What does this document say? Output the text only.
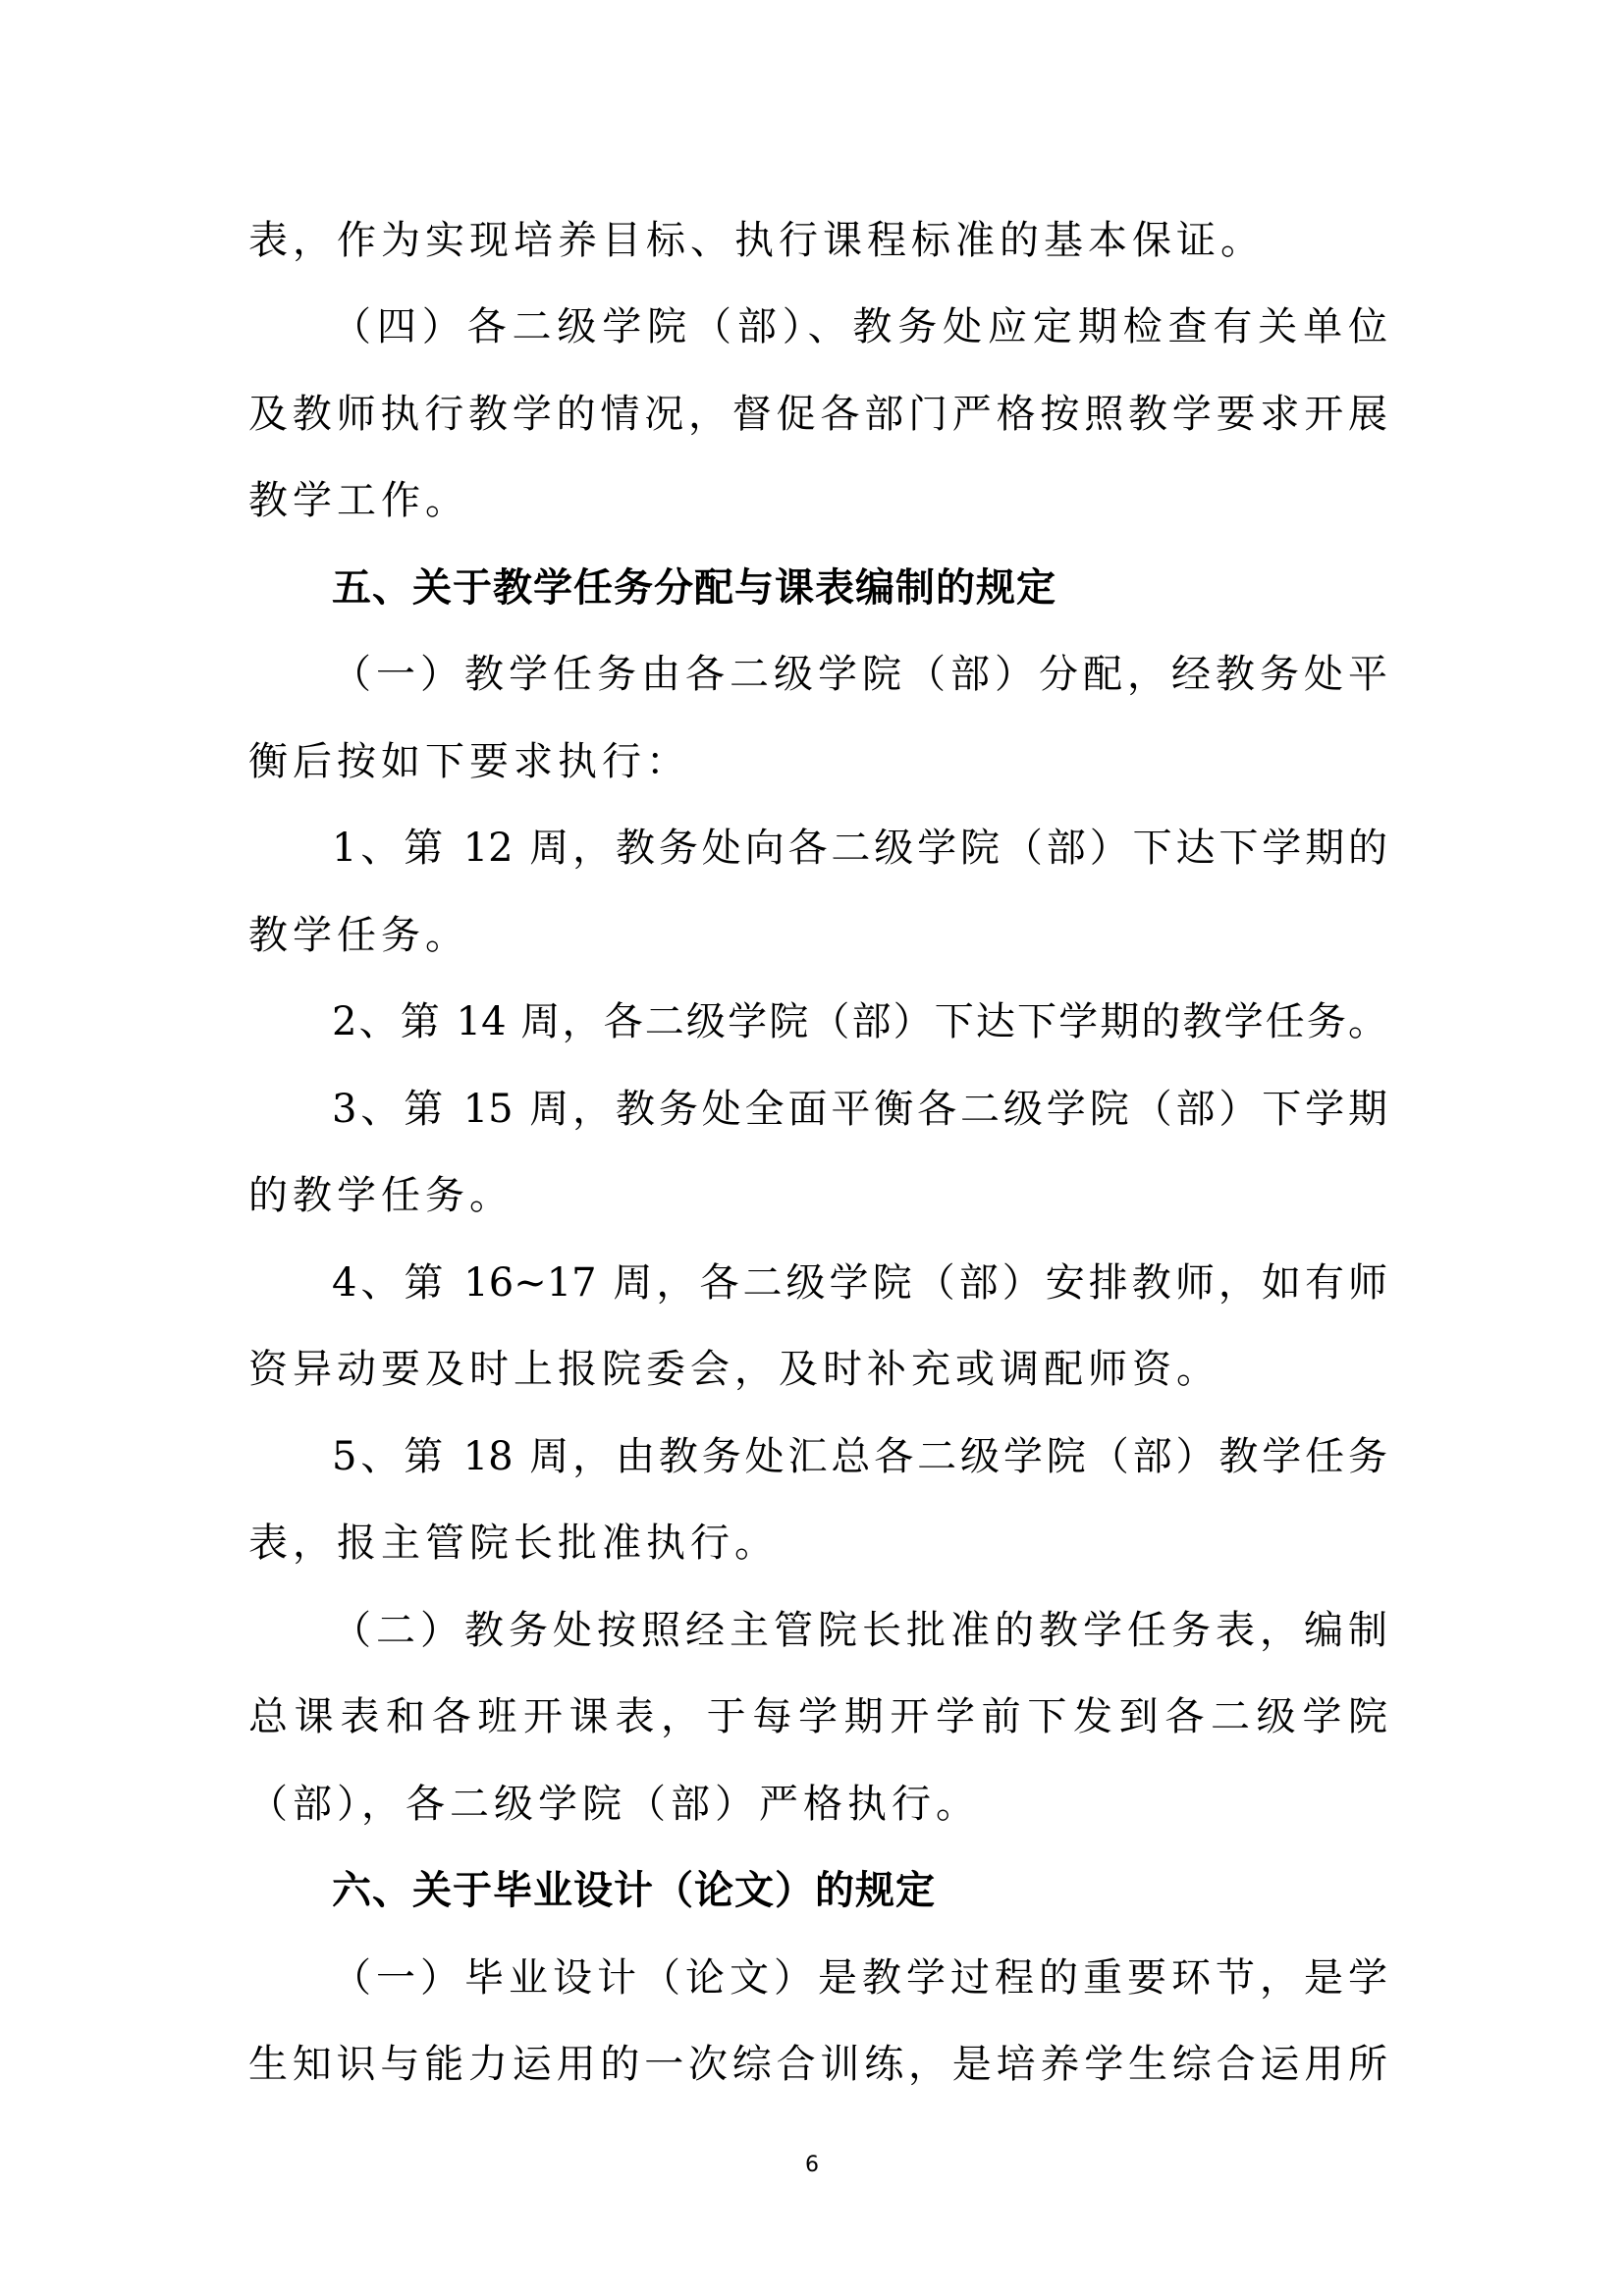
表，作为实现培养目标、执行课程标准的基本保证。
（四）各二级学院（部）、教务处应定期检查有关单位
及教师执行教学的情况，督促各部门严格按照教学要求开展
教学工作。
五、关于教学任务分配与课表编制的规定
（一）教学任务由各二级学院（部）分配，经教务处平
衡后按如下要求执行：
1、第 12 周，教务处向各二级学院（部）下达下学期的
教学任务。
2、第 14 周，各二级学院（部）下达下学期的教学任务。
3、第 15 周，教务处全面平衡各二级学院（部）下学期
的教学任务。
4、第 16~17 周，各二级学院（部）安排教师，如有师
资异动要及时上报院委会，及时补充或调配师资。
5、第 18 周，由教务处汇总各二级学院（部）教学任务
表，报主管院长批准执行。
（二）教务处按照经主管院长批准的教学任务表，编制
总课表和各班开课表，于每学期开学前下发到各二级学院
（部），各二级学院（部）严格执行。
六、关于毕业设计（论文）的规定
（一）毕业设计（论文）是教学过程的重要环节，是学
生知识与能力运用的一次综合训练，是培养学生综合运用所
6
